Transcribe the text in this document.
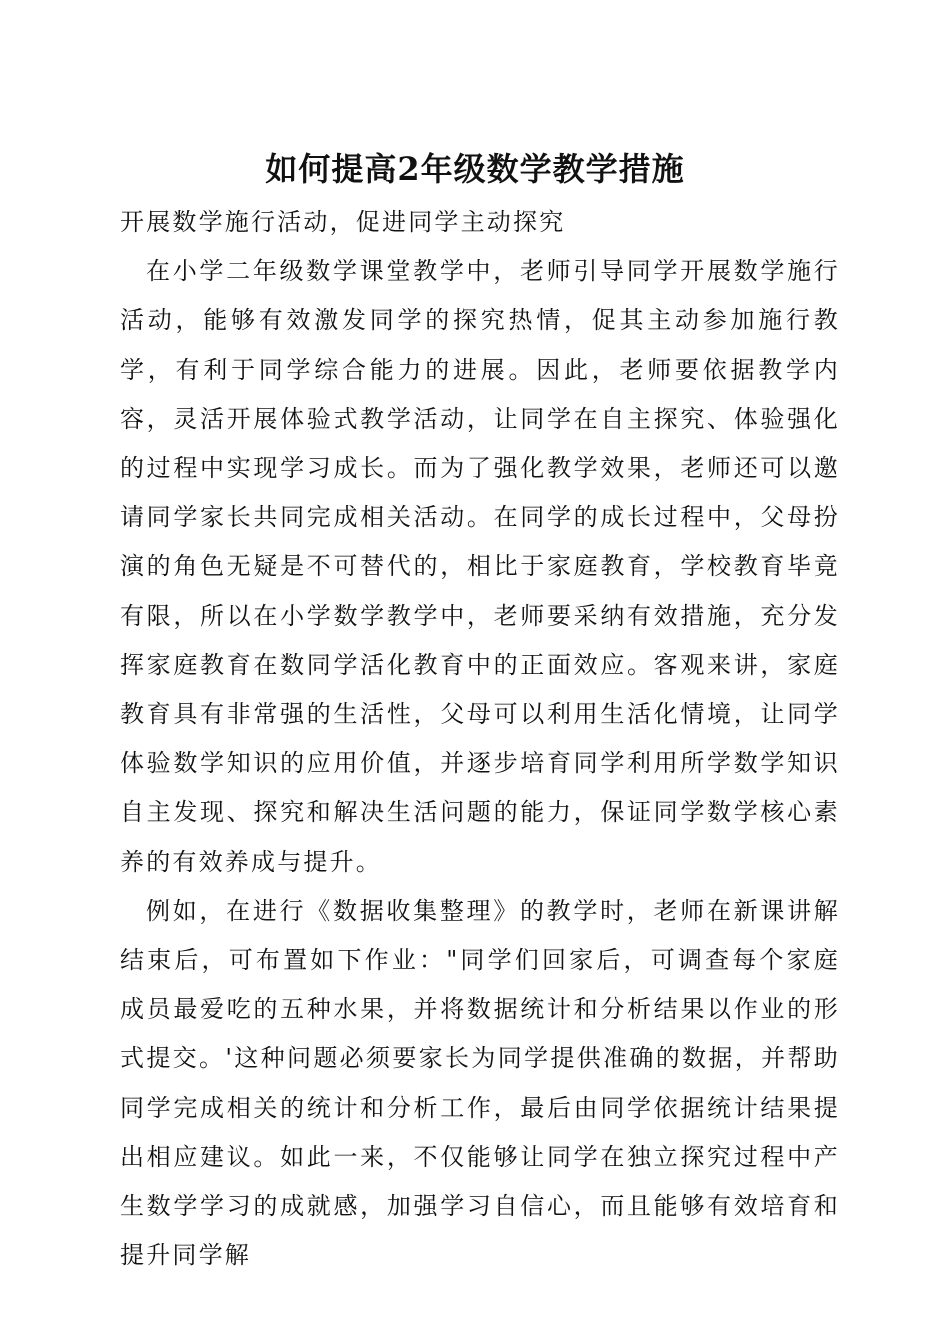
如何提高2年级数学教学措施

开展数学施行活动，促进同学主动探究

在小学二年级数学课堂教学中，老师引导同学开展数学施行活动，能够有效激发同学的探究热情，促其主动参加施行教学，有利于同学综合能力的进展。因此，老师要依据教学内容，灵活开展体验式教学活动，让同学在自主探究、体验强化的过程中实现学习成长。而为了强化教学效果，老师还可以邀请同学家长共同完成相关活动。在同学的成长过程中，父母扮演的角色无疑是不可替代的，相比于家庭教育，学校教育毕竟有限，所以在小学数学教学中，老师要采纳有效措施，充分发挥家庭教育在数同学活化教育中的正面效应。客观来讲，家庭教育具有非常强的生活性，父母可以利用生活化情境，让同学体验数学知识的应用价值，并逐步培育同学利用所学数学知识自主发现、探究和解决生活问题的能力，保证同学数学核心素养的有效养成与提升。

例如，在进行《数据收集整理》的教学时，老师在新课讲解结束后，可布置如下作业："同学们回家后，可调查每个家庭成员最爱吃的五种水果，并将数据统计和分析结果以作业的形式提交。'这种问题必须要家长为同学提供准确的数据，并帮助同学完成相关的统计和分析工作，最后由同学依据统计结果提出相应建议。如此一来，不仅能够让同学在独立探究过程中产生数学学习的成就感，加强学习自信心，而且能够有效培育和提升同学解
